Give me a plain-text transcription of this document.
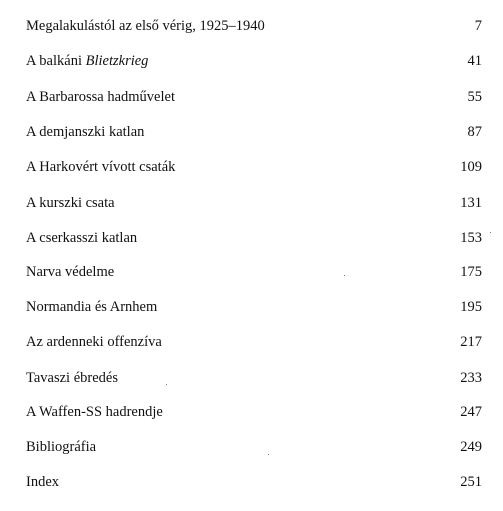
Megalakulástól az első vérig, 1925–1940	7
A balkáni Blietzkrieg	41
A Barbarossa hadművelet	55
A demjanszki katlan	87
A Harkovért vívott csaták	109
A kurszki csata	131
A cserkasszi katlan	153
Narva védelme	175
Normandia és Arnhem	195
Az ardenneki offenzíva	217
Tavaszi ébredés	233
A Waffen-SS hadrendje	247
Bibliográfia	249
Index	251
